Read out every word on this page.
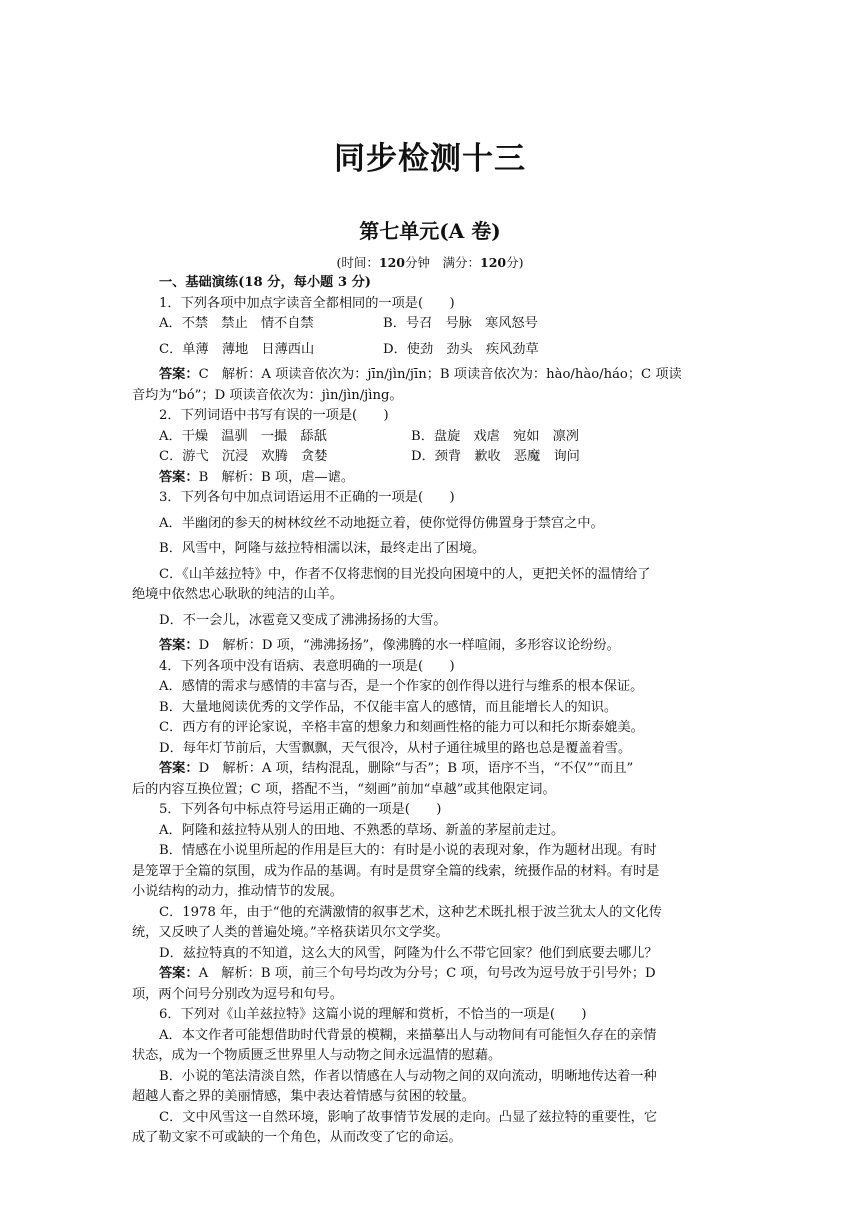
同步检测十三
第七单元(A 卷)
(时间：120分钟　 满分：120分)
一、基础演练(18 分，每小题 3 分)
1．下列各项中加点字读音全都相同的一项是(　　)
A．不禁　禁止　情不自禁	B．号召　号脉　寒风怒号
C．单薄　薄地　日薄西山	D．使劲　劲头　疾风劲草
答案：C　解析：A 项读音依次为：jīn/jìn/jīn；B 项读音依次为：hào/hào/háo；C 项读
音均为“bó”；D 项读音依次为：jìn/jìn/jìng。
2．下列词语中书写有误的一项是(　　)
A．干燥　温驯　一撮　舔舐	B．盘旋　戏虐　宛如　凛冽
C．游弋　沉浸　欢腾　贪婪	D．颈背　歉收　恶魔　询问
答案：B　解析：B 项，虐—谑。
3．下列各句中加点词语运用不正确的一项是(　　)
A．半幽闭的参天的树林纹丝不动地挺立着，使你觉得仿佛置身于禁宫之中。
B．风雪中，阿隆与兹拉特相濡以沫，最终走出了困境。
C．《山羊兹拉特》中，作者不仅将悲悯的目光投向困境中的人，更把关怀的温情给了
绝境中依然忠心耿耿的纯洁的山羊。
D．不一会儿，冰雹竟又变成了沸沸扬扬的大雪。
答案：D　解析：D 项，“沸沸扬扬”，像沸腾的水一样喧闹，多形容议论纷纷。
4．下列各项中没有语病、表意明确的一项是(　　)
A．感情的需求与感情的丰富与否，是一个作家的创作得以进行与维系的根本保证。
B．大量地阅读优秀的文学作品，不仅能丰富人的感情，而且能增长人的知识。
C．西方有的评论家说，辛格丰富的想象力和刻画性格的能力可以和托尔斯泰媲美。
D．每年灯节前后，大雪飘飘，天气很冷，从村子通往城里的路也总是覆盖着雪。
答案：D　解析：A 项，结构混乱，删除“与否”；B 项，语序不当，“不仅”“而且”
后的内容互换位置；C 项，搭配不当，“刻画”前加“卓越”或其他限定词。
5．下列各句中标点符号运用正确的一项是(　　)
A．阿隆和兹拉特从别人的田地、不熟悉的草场、新盖的茅屋前走过。
B．情感在小说里所起的作用是巨大的：有时是小说的表现对象，作为题材出现。有时
是笼罩于全篇的氛围，成为作品的基调。有时是贯穿全篇的线索，统摄作品的材料。有时是
小说结构的动力，推动情节的发展。
C．1978 年，由于“他的充满激情的叙事艺术，这种艺术既扎根于波兰犹太人的文化传
统，又反映了人类的普遍处境。”辛格获诺贝尔文学奖。
D．兹拉特真的不知道，这么大的风雪，阿隆为什么不带它回家？他们到底要去哪儿？
答案：A　解析：B 项，前三个句号均改为分号；C 项，句号改为逗号放于引号外；D
项，两个问号分别改为逗号和句号。
6．下列对《山羊兹拉特》这篇小说的理解和赏析，不恰当的一项是(　　)
A．本文作者可能想借助时代背景的模糊，来描摹出人与动物间有可能恒久存在的亲情
状态，成为一个物质匮乏世界里人与动物之间永远温情的慰藉。
B．小说的笔法清淡自然，作者以情感在人与动物之间的双向流动，明晰地传达着一种
超越人畜之界的美丽情感，集中表达着情感与贫困的较量。
C．文中风雪这一自然环境，影响了故事情节发展的走向。凸显了兹拉特的重要性，它
成了勒文家不可或缺的一个角色，从而改变了它的命运。
